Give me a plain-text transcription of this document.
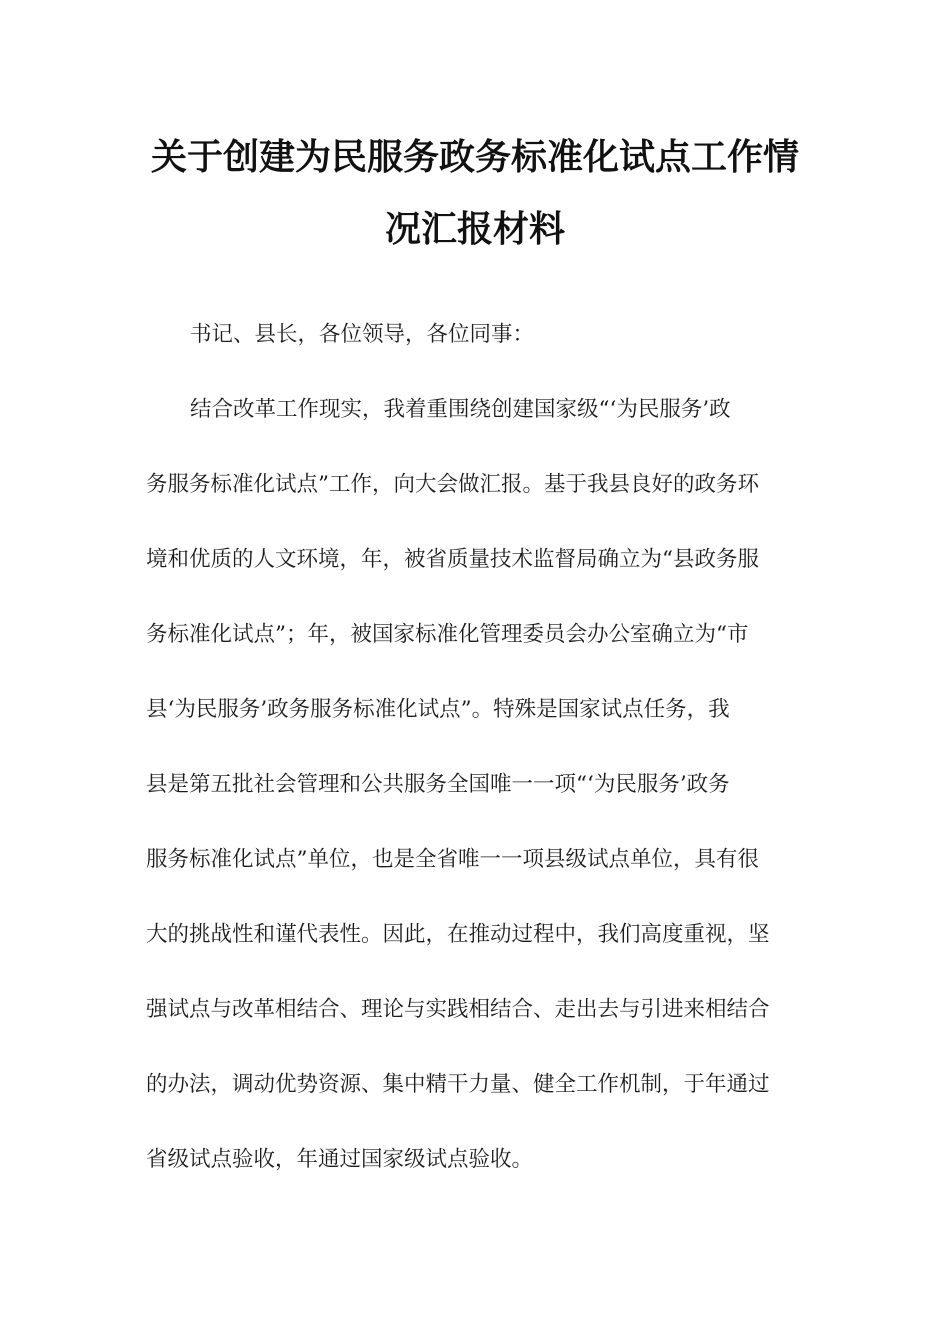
关于创建为民服务政务标准化试点工作情
况汇报材料
书记、县长，各位领导，各位同事：
结合改革工作现实，我着重围绕创建国家级“‘为民服务’政
务服务标准化试点”工作，向大会做汇报。基于我县良好的政务环
境和优质的人文环境，年，被省质量技术监督局确立为“县政务服
务标准化试点”；年，被国家标准化管理委员会办公室确立为“市
县‘为民服务’政务服务标准化试点”。特殊是国家试点任务，我
县是第五批社会管理和公共服务全国唯一一项“‘为民服务’政务
服务标准化试点”单位，也是全省唯一一项县级试点单位，具有很
大的挑战性和谨代表性。因此，在推动过程中，我们高度重视，坚
强试点与改革相结合、理论与实践相结合、走出去与引进来相结合
的办法，调动优势资源、集中精干力量、健全工作机制，于年通过
省级试点验收，年通过国家级试点验收。
